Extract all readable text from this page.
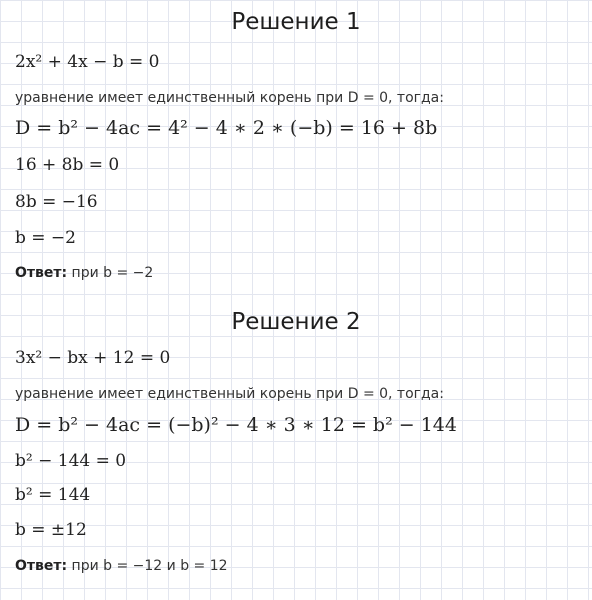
Решение 1
2x² + 4x − b = 0
уравнение имеет единственный корень при D = 0, тогда:
D = b² − 4ac = 4² − 4 ∗ 2 ∗ (−b) = 16 + 8b
16 + 8b = 0
8b = −16
b = −2
Ответ: при b = −2
Решение 2
3x² − bx + 12 = 0
уравнение имеет единственный корень при D = 0, тогда:
D = b² − 4ac = (−b)² − 4 ∗ 3 ∗ 12 = b² − 144
b² − 144 = 0
b² = 144
b = ±12
Ответ: при b = −12 и b = 12
